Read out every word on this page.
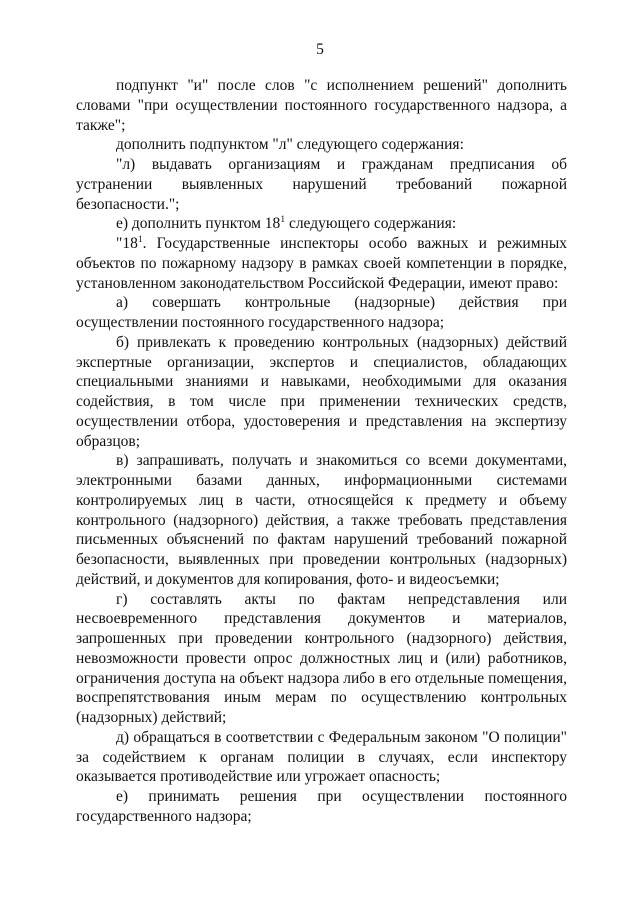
5

подпункт "и" после слов "с исполнением решений" дополнить словами "при осуществлении постоянного государственного надзора, а также";

дополнить подпунктом "л" следующего содержания:

"л) выдавать организациям и гражданам предписания об устранении выявленных нарушений требований пожарной безопасности.";

е) дополнить пунктом $18^1$ следующего содержания:

"$18^1$. Государственные инспекторы особо важных и режимных объектов по пожарному надзору в рамках своей компетенции в порядке, установленном законодательством Российской Федерации, имеют право:

а) совершать контрольные (надзорные) действия при осуществлении постоянного государственного надзора;

б) привлекать к проведению контрольных (надзорных) действий экспертные организации, экспертов и специалистов, обладающих специальными знаниями и навыками, необходимыми для оказания содействия, в том числе при применении технических средств, осуществлении отбора, удостоверения и представления на экспертизу образцов;

в) запрашивать, получать и знакомиться со всеми документами, электронными базами данных, информационными системами контролируемых лиц в части, относящейся к предмету и объему контрольного (надзорного) действия, а также требовать представления письменных объяснений по фактам нарушений требований пожарной безопасности, выявленных при проведении контрольных (надзорных) действий, и документов для копирования, фото- и видеосъемки;

г) составлять акты по фактам непредставления или несвоевременного представления документов и материалов, запрошенных при проведении контрольного (надзорного) действия, невозможности провести опрос должностных лиц и (или) работников, ограничения доступа на объект надзора либо в его отдельные помещения, воспрепятствования иным мерам по осуществлению контрольных (надзорных) действий;

д) обращаться в соответствии с Федеральным законом "О полиции" за содействием к органам полиции в случаях, если инспектору оказывается противодействие или угрожает опасность;

е) принимать решения при осуществлении постоянного государственного надзора;
